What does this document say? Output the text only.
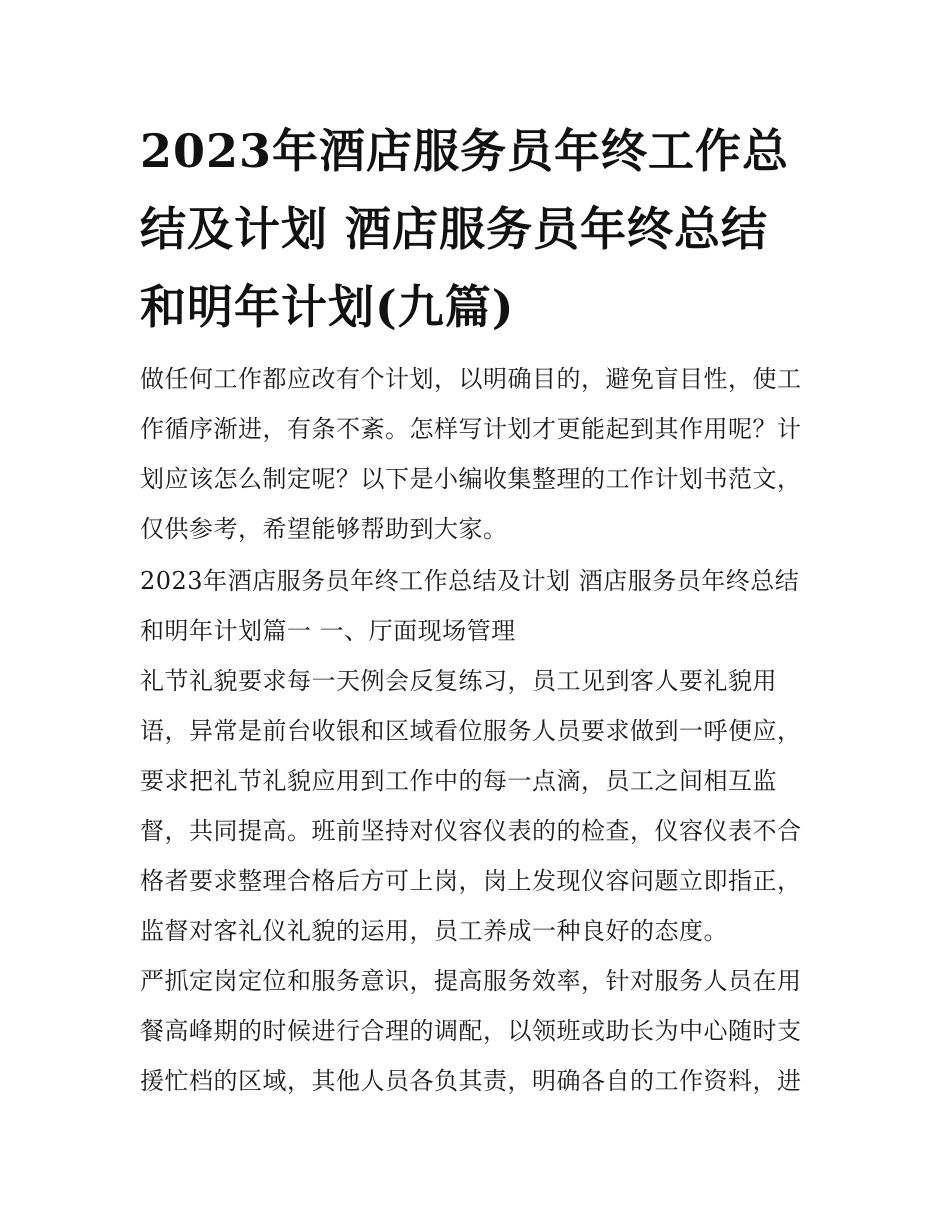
2023年酒店服务员年终工作总
结及计划 酒店服务员年终总结
和明年计划(九篇)

做任何工作都应改有个计划，以明确目的，避免盲目性，使工
作循序渐进，有条不紊。怎样写计划才更能起到其作用呢？计
划应该怎么制定呢？以下是小编收集整理的工作计划书范文，
仅供参考，希望能够帮助到大家。

2023年酒店服务员年终工作总结及计划 酒店服务员年终总结
和明年计划篇一 一、厅面现场管理

礼节礼貌要求每一天例会反复练习，员工见到客人要礼貌用
语，异常是前台收银和区域看位服务人员要求做到一呼便应，
要求把礼节礼貌应用到工作中的每一点滴，员工之间相互监
督，共同提高。班前坚持对仪容仪表的的检查，仪容仪表不合
格者要求整理合格后方可上岗，岗上发现仪容问题立即指正，
监督对客礼仪礼貌的运用，员工养成一种良好的态度。

严抓定岗定位和服务意识，提高服务效率，针对服务人员在用
餐高峰期的时候进行合理的调配，以领班或助长为中心随时支
援忙档的区域，其他人员各负其责，明确各自的工作资料，进
